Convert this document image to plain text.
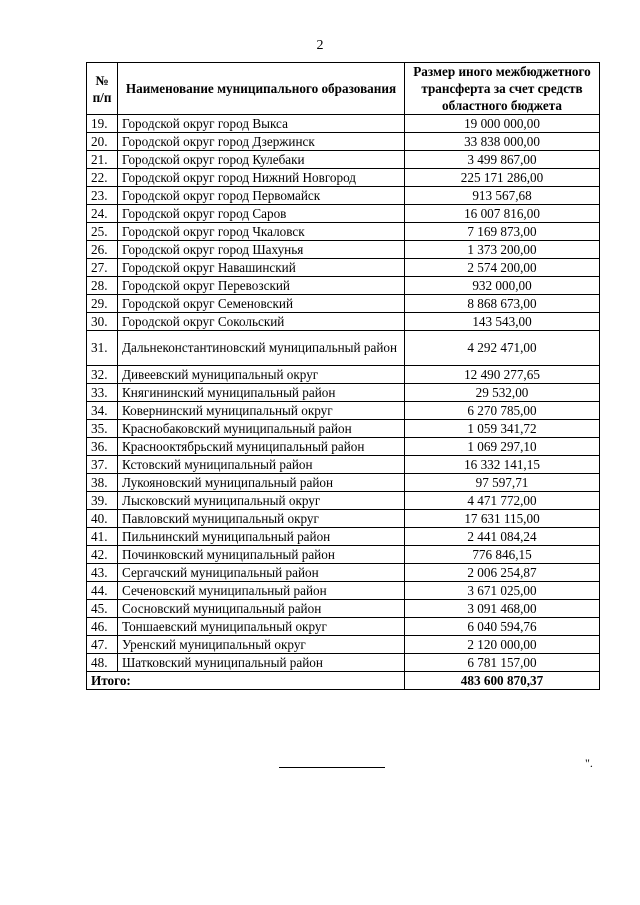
2
№ п/п	Наименование муниципального образования	Размер иного межбюджетного трансферта за счет средств областного бюджета
19.	Городской округ город Выкса	19 000 000,00
20.	Городской округ город Дзержинск	33 838 000,00
21.	Городской округ город Кулебаки	3 499 867,00
22.	Городской округ город Нижний Новгород	225 171 286,00
23.	Городской округ город Первомайск	913 567,68
24.	Городской округ город Саров	16 007 816,00
25.	Городской округ город Чкаловск	7 169 873,00
26.	Городской округ город Шахунья	1 373 200,00
27.	Городской округ Навашинский	2 574 200,00
28.	Городской округ Перевозский	932 000,00
29.	Городской округ Семеновский	8 868 673,00
30.	Городской округ Сокольский	143 543,00
31.	Дальнеконстантиновский муниципальный район	4 292 471,00
32.	Дивеевский муниципальный округ	12 490 277,65
33.	Княгининский муниципальный район	29 532,00
34.	Ковернинский муниципальный округ	6 270 785,00
35.	Краснобаковский муниципальный район	1 059 341,72
36.	Краснооктябрьский муниципальный район	1 069 297,10
37.	Кстовский муниципальный район	16 332 141,15
38.	Лукояновский муниципальный район	97 597,71
39.	Лысковский муниципальный округ	4 471 772,00
40.	Павловский муниципальный округ	17 631 115,00
41.	Пильнинский муниципальный район	2 441 084,24
42.	Починковский муниципальный район	776 846,15
43.	Сергачский муниципальный район	2 006 254,87
44.	Сеченовский муниципальный район	3 671 025,00
45.	Сосновский муниципальный район	3 091 468,00
46.	Тоншаевский муниципальный округ	6 040 594,76
47.	Уренский муниципальный округ	2 120 000,00
48.	Шатковский муниципальный район	6 781 157,00
Итого:		483 600 870,37
".
